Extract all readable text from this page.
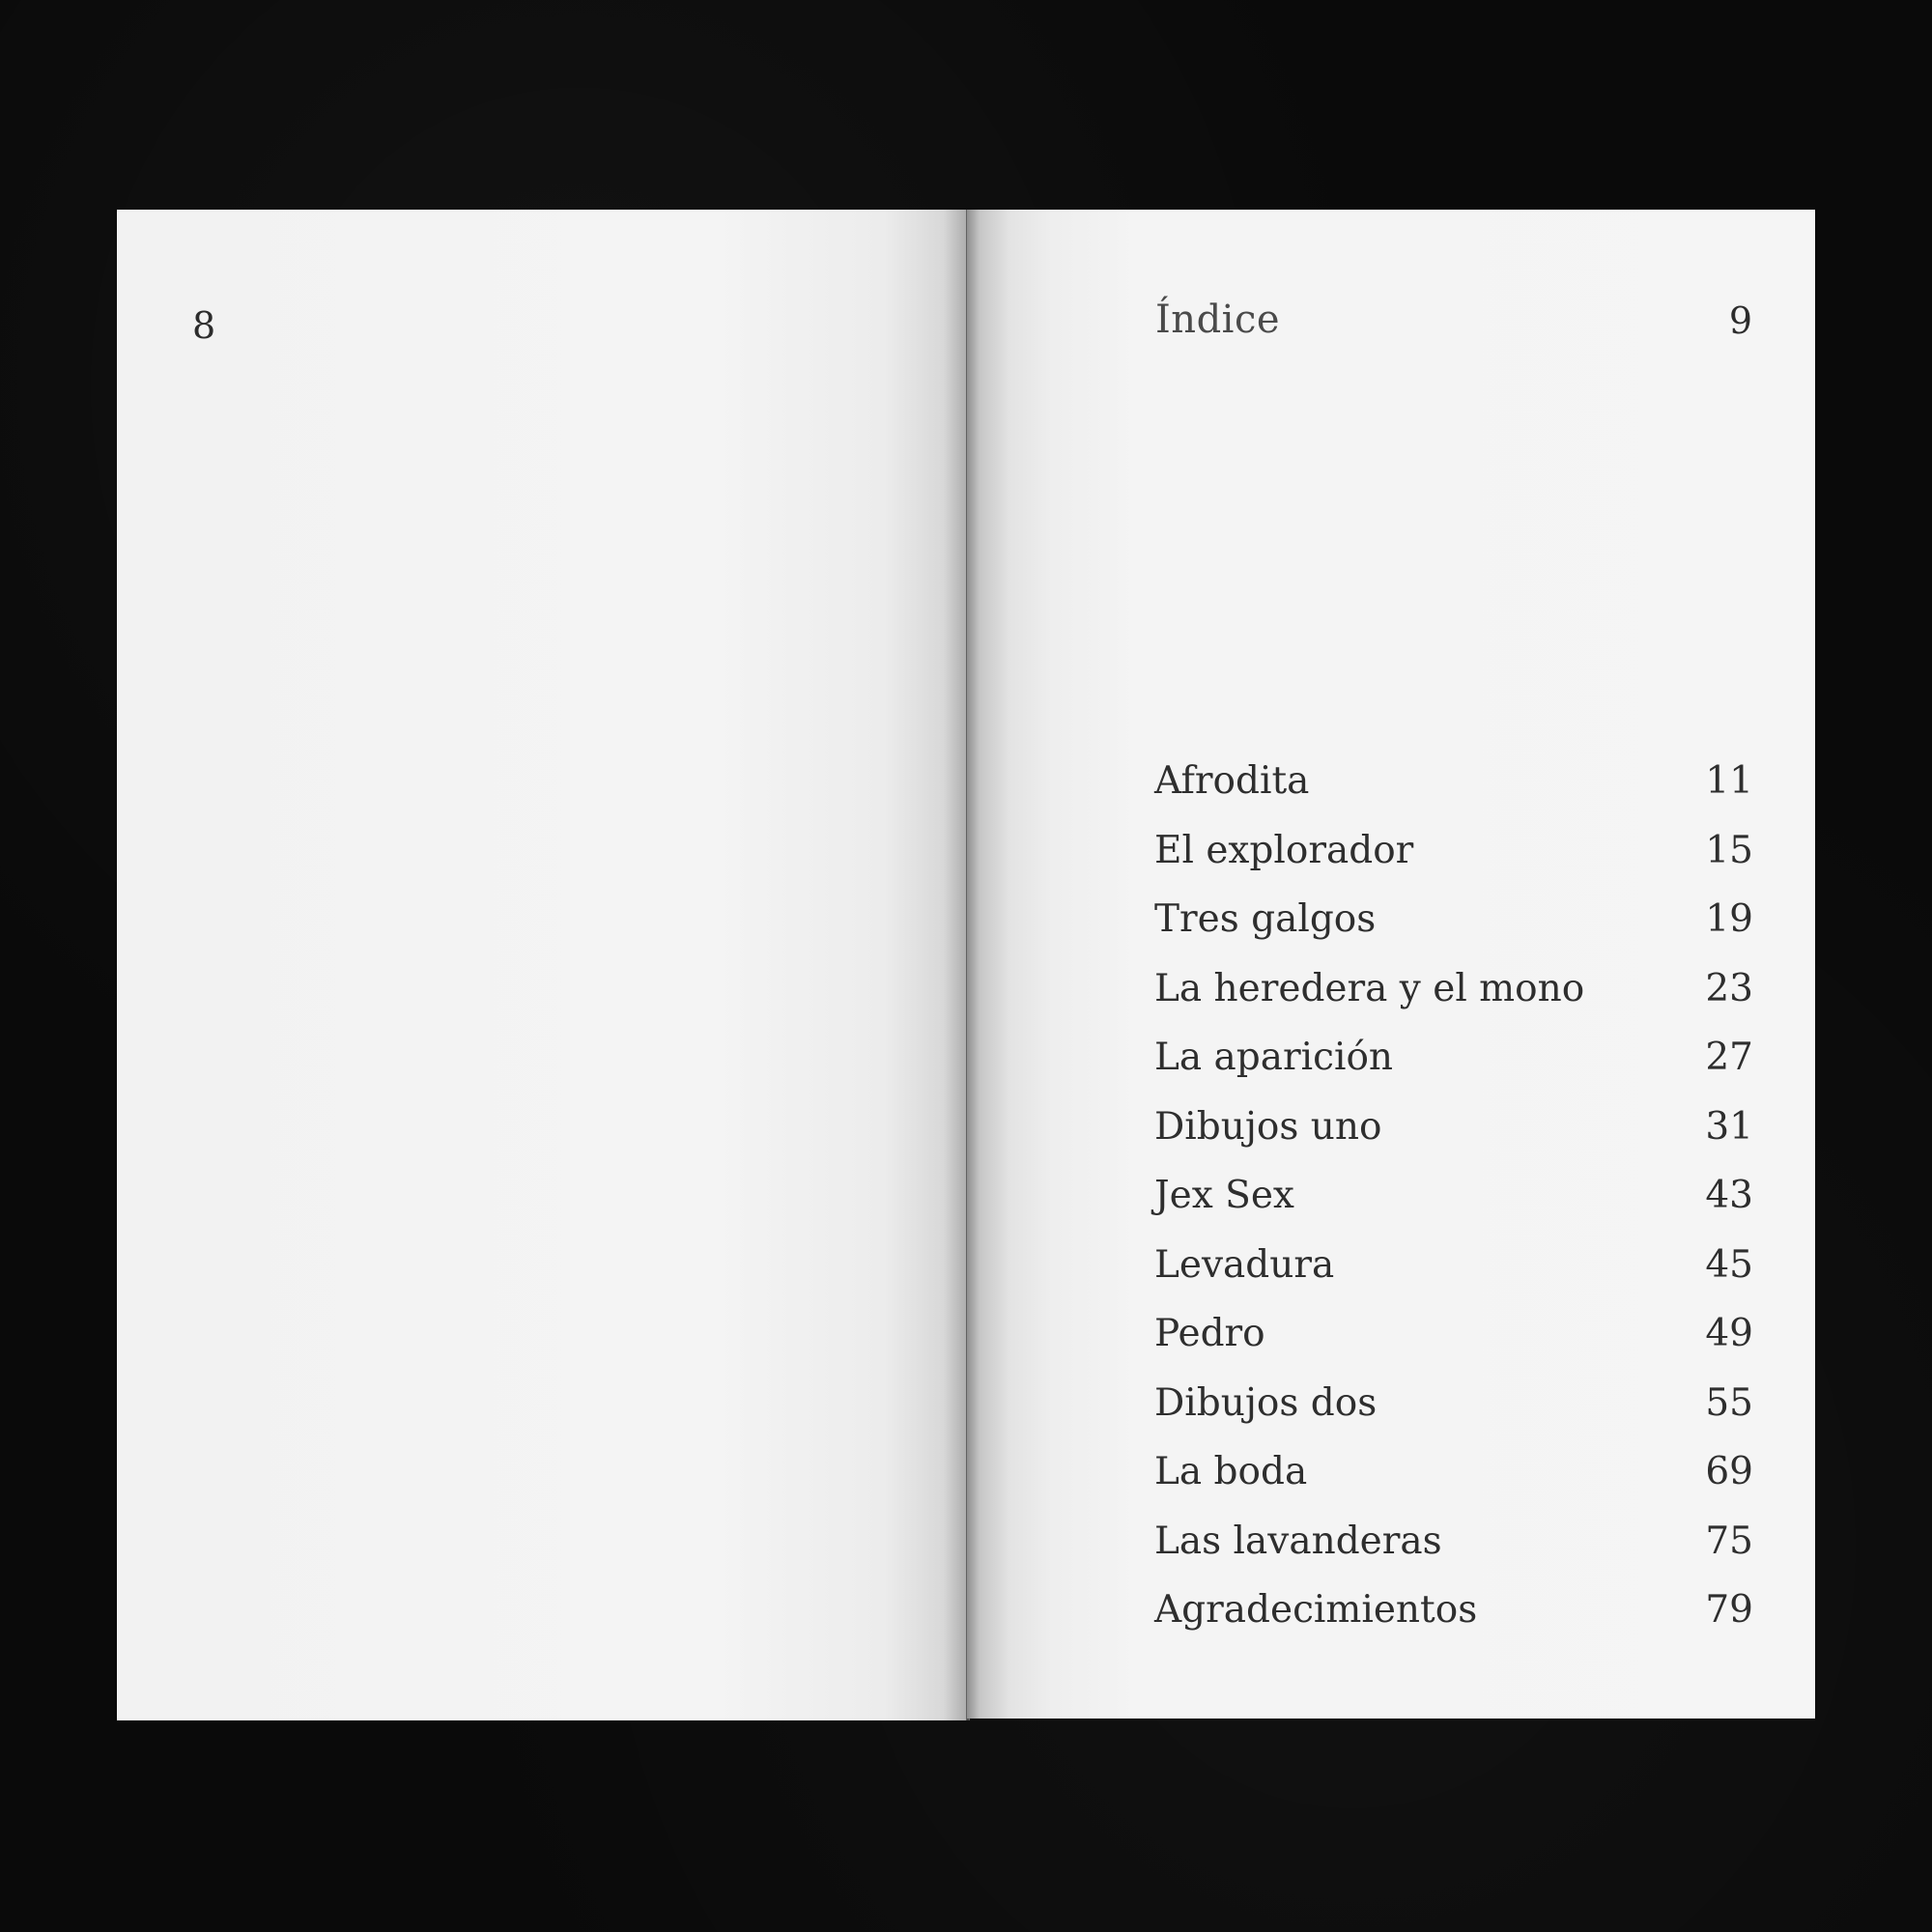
8	Índice	9
Afrodita	11
El explorador	15
Tres galgos	19
La heredera y el mono	23
La aparición	27
Dibujos uno	31
Jex Sex	43
Levadura	45
Pedro	49
Dibujos dos	55
La boda	69
Las lavanderas	75
Agradecimientos	79
